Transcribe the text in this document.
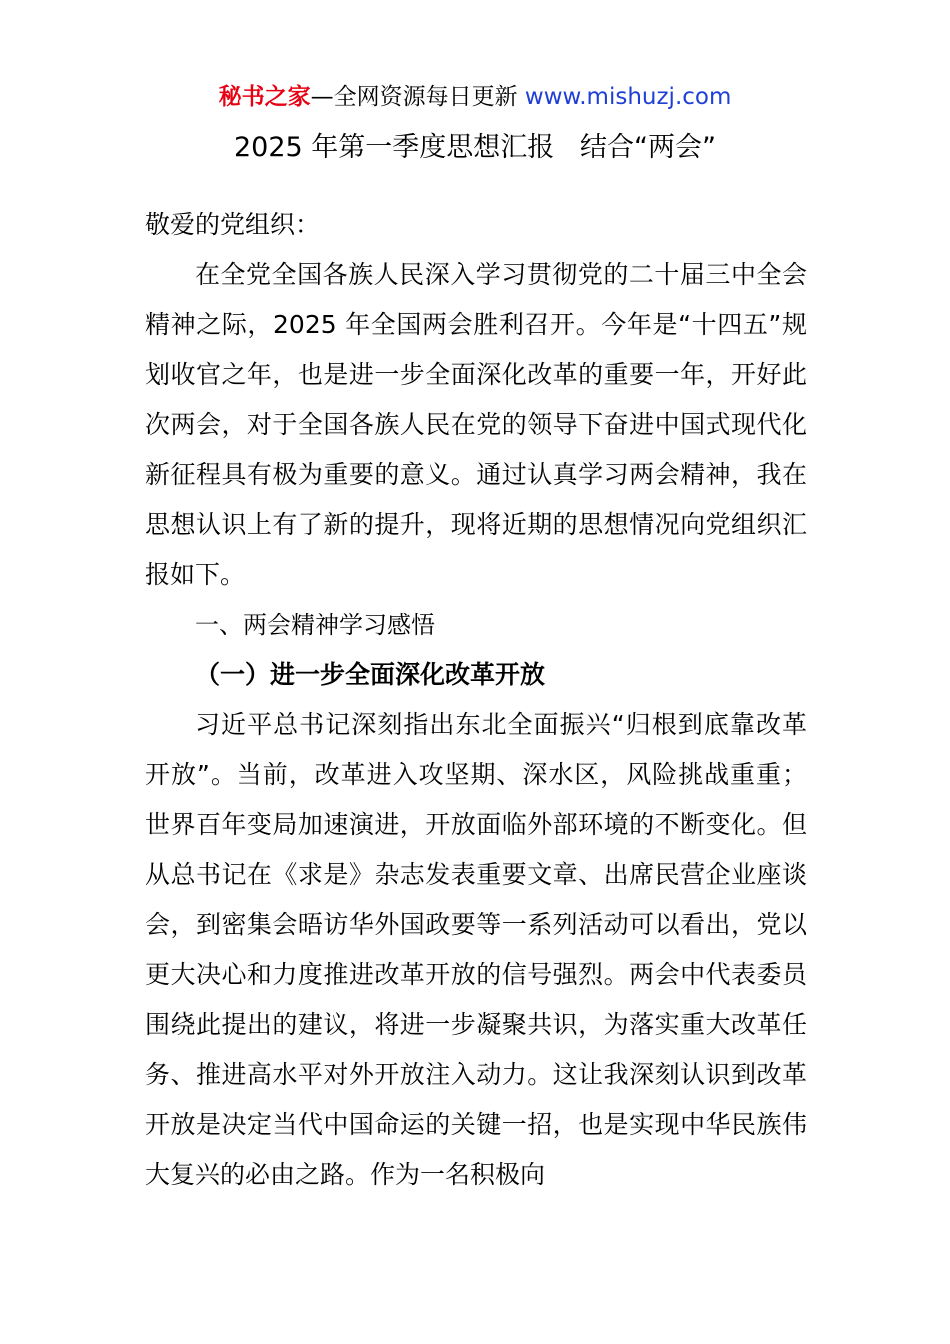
秘书之家—全网资源每日更新 www.mishuzj.com
2025 年第一季度思想汇报   结合“两会”

敬爱的党组织：

在全党全国各族人民深入学习贯彻党的二十届三中全会精神之际，2025 年全国两会胜利召开。今年是“十四五”规划收官之年，也是进一步全面深化改革的重要一年，开好此次两会，对于全国各族人民在党的领导下奋进中国式现代化新征程具有极为重要的意义。通过认真学习两会精神，我在思想认识上有了新的提升，现将近期的思想情况向党组织汇报如下。

一、两会精神学习感悟

（一）进一步全面深化改革开放

习近平总书记深刻指出东北全面振兴“归根到底靠改革开放”。当前，改革进入攻坚期、深水区，风险挑战重重；世界百年变局加速演进，开放面临外部环境的不断变化。但从总书记在《求是》杂志发表重要文章、出席民营企业座谈会，到密集会晤访华外国政要等一系列活动可以看出，党以更大决心和力度推进改革开放的信号强烈。两会中代表委员围绕此提出的建议，将进一步凝聚共识，为落实重大改革任务、推进高水平对外开放注入动力。这让我深刻认识到改革开放是决定当代中国命运的关键一招，也是实现中华民族伟大复兴的必由之路。作为一名积极向
